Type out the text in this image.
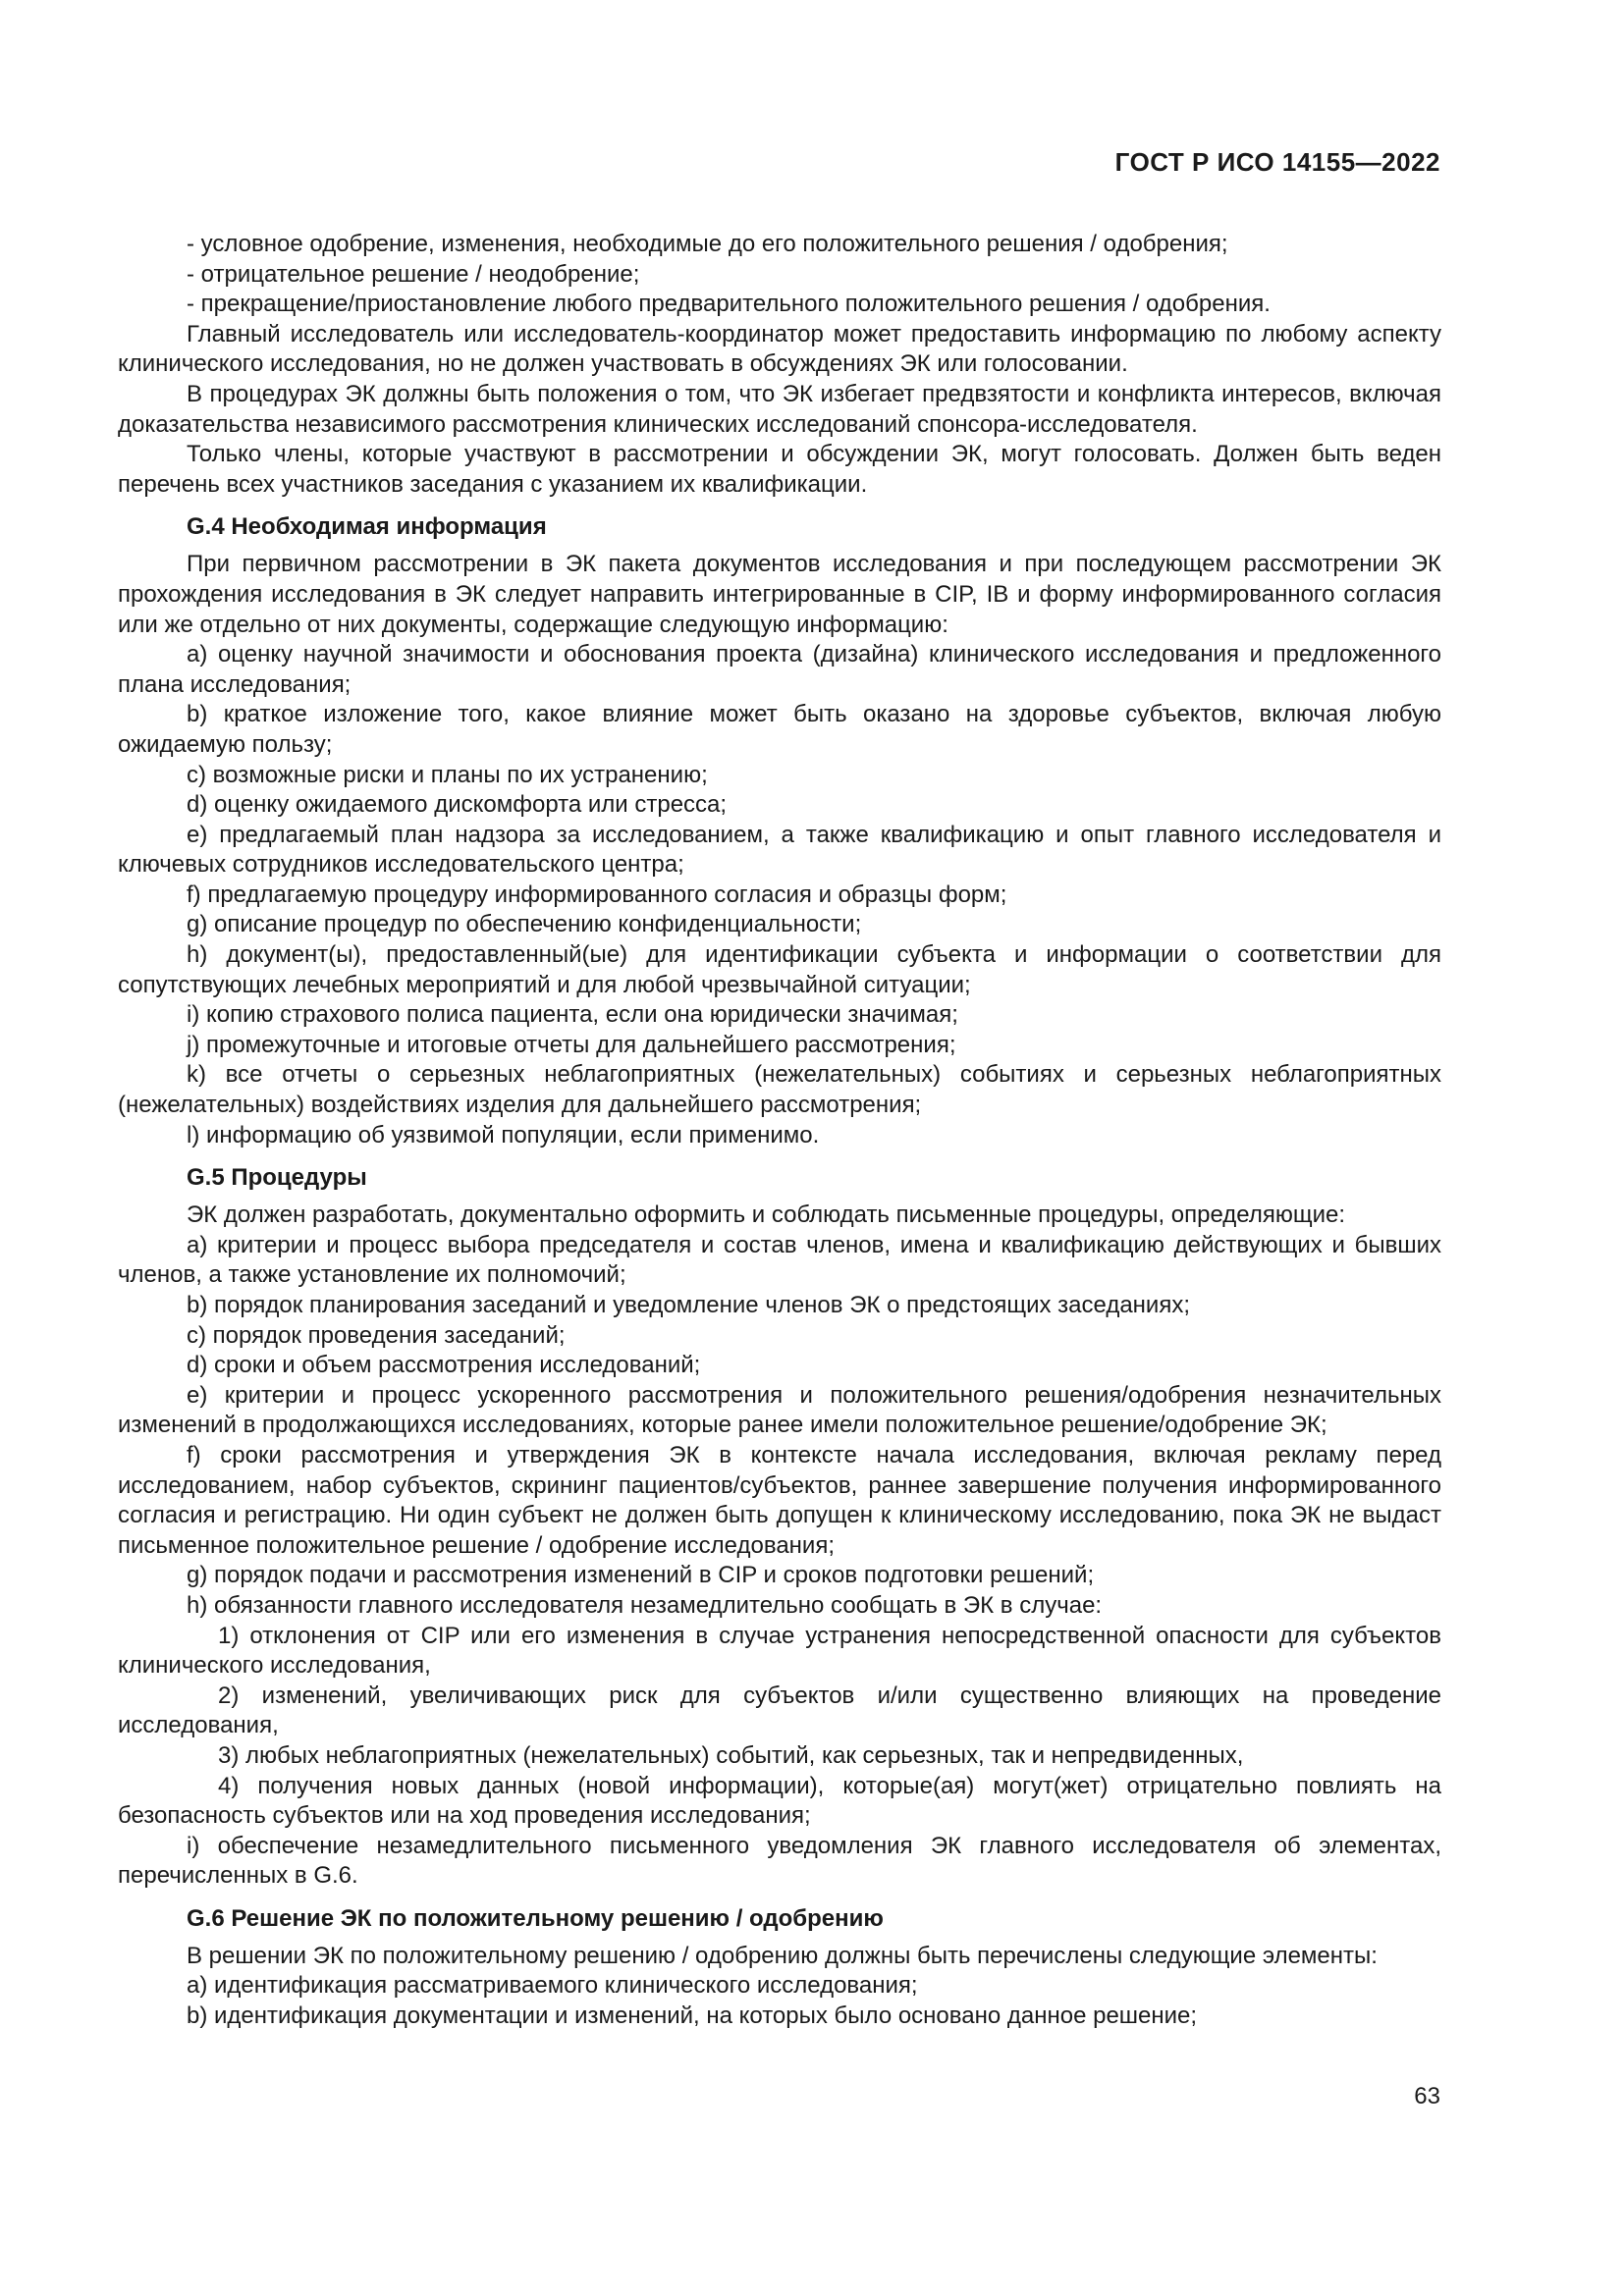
ГОСТ Р ИСО 14155—2022

- условное одобрение, изменения, необходимые до его положительного решения / одобрения;

- отрицательное решение / неодобрение;

- прекращение/приостановление любого предварительного положительного решения / одобрения.

Главный исследователь или исследователь-координатор может предоставить информацию по любому аспекту клинического исследования, но не должен участвовать в обсуждениях ЭК или голосовании.

В процедурах ЭК должны быть положения о том, что ЭК избегает предвзятости и конфликта интересов, включая доказательства независимого рассмотрения клинических исследований спонсора-исследователя.

Только члены, которые участвуют в рассмотрении и обсуждении ЭК, могут голосовать. Должен быть веден перечень всех участников заседания с указанием их квалификации.

G.4 Необходимая информация

При первичном рассмотрении в ЭК пакета документов исследования и при последующем рассмотрении ЭК прохождения исследования в ЭК следует направить интегрированные в CIP, IB и форму информированного согласия или же отдельно от них документы, содержащие следующую информацию:

a) оценку научной значимости и обоснования проекта (дизайна) клинического исследования и предложенного плана исследования;

b) краткое изложение того, какое влияние может быть оказано на здоровье субъектов, включая любую ожидаемую пользу;

c) возможные риски и планы по их устранению;

d) оценку ожидаемого дискомфорта или стресса;

e) предлагаемый план надзора за исследованием, а также квалификацию и опыт главного исследователя и ключевых сотрудников исследовательского центра;

f) предлагаемую процедуру информированного согласия и образцы форм;

g) описание процедур по обеспечению конфиденциальности;

h) документ(ы), предоставленный(ые) для идентификации субъекта и информации о соответствии для сопутствующих лечебных мероприятий и для любой чрезвычайной ситуации;

i) копию страхового полиса пациента, если она юридически значимая;

j) промежуточные и итоговые отчеты для дальнейшего рассмотрения;

k) все отчеты о серьезных неблагоприятных (нежелательных) событиях и серьезных неблагоприятных (нежелательных) воздействиях изделия для дальнейшего рассмотрения;

l) информацию об уязвимой популяции, если применимо.

G.5 Процедуры

ЭК должен разработать, документально оформить и соблюдать письменные процедуры, определяющие:

a) критерии и процесс выбора председателя и состав членов, имена и квалификацию действующих и бывших членов, а также установление их полномочий;

b) порядок планирования заседаний и уведомление членов ЭК о предстоящих заседаниях;

c) порядок проведения заседаний;

d) сроки и объем рассмотрения исследований;

e) критерии и процесс ускоренного рассмотрения и положительного решения/одобрения незначительных изменений в продолжающихся исследованиях, которые ранее имели положительное решение/одобрение ЭК;

f) сроки рассмотрения и утверждения ЭК в контексте начала исследования, включая рекламу перед исследованием, набор субъектов, скрининг пациентов/субъектов, раннее завершение получения информированного согласия и регистрацию. Ни один субъект не должен быть допущен к клиническому исследованию, пока ЭК не выдаст письменное положительное решение / одобрение исследования;

g) порядок подачи и рассмотрения изменений в CIP и сроков подготовки решений;

h) обязанности главного исследователя незамедлительно сообщать в ЭК в случае:

1) отклонения от CIP или его изменения в случае устранения непосредственной опасности для субъектов клинического исследования,

2) изменений, увеличивающих риск для субъектов и/или существенно влияющих на проведение исследования,

3) любых неблагоприятных (нежелательных) событий, как серьезных, так и непредвиденных,

4) получения новых данных (новой информации), которые(ая) могут(жет) отрицательно повлиять на безопасность субъектов или на ход проведения исследования;

i) обеспечение незамедлительного письменного уведомления ЭК главного исследователя об элементах, перечисленных в G.6.

G.6 Решение ЭК по положительному решению / одобрению

В решении ЭК по положительному решению / одобрению должны быть перечислены следующие элементы:

a) идентификация рассматриваемого клинического исследования;

b) идентификация документации и изменений, на которых было основано данное решение;

63
